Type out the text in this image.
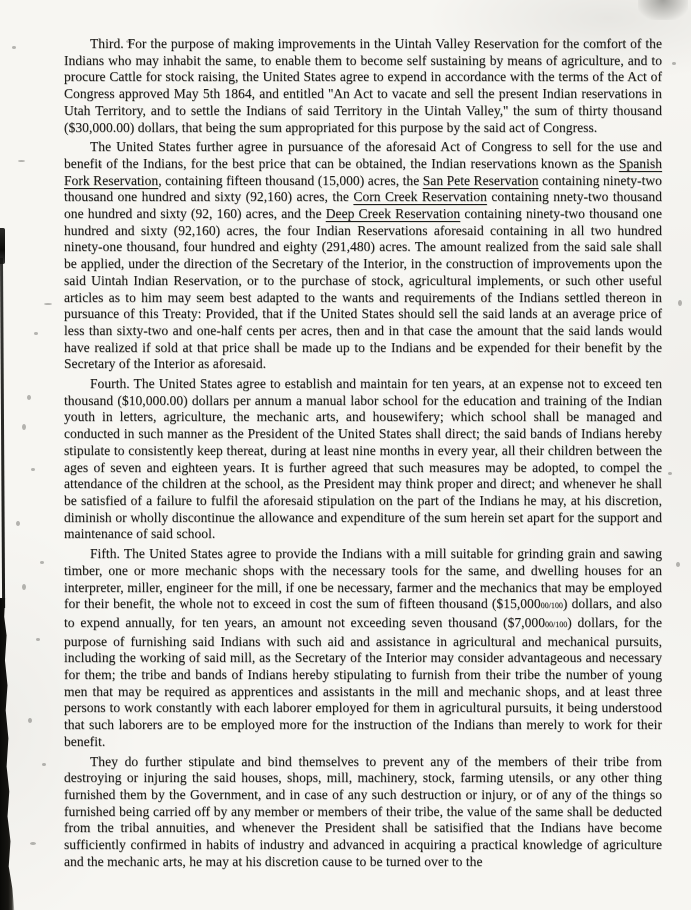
Third. For the purpose of making improvements in the Uintah Valley Reservation for the comfort of the Indians who may inhabit the same, to enable them to become self sustaining by means of agriculture, and to procure Cattle for stock raising, the United States agree to expend in accordance with the terms of the Act of Congress approved May 5th 1864, and entitled ''An Act to vacate and sell the present Indian reservations in Utah Territory, and to settle the Indians of said Territory in the Uintah Valley,'' the sum of thirty thousand ($30,000.00) dollars, that being the sum appropriated for this purpose by the said act of Congress.

The United States further agree in pursuance of the aforesaid Act of Congress to sell for the use and benefit of the Indians, for the best price that can be obtained, the Indian reservations known as the Spanish Fork Reservation, containing fifteen thousand (15,000) acres, the San Pete Reservation containing ninety-two thousand one hundred and sixty (92,160) acres, the Corn Creek Reservation containing nnety-two thousand one hundred and sixty (92, 160) acres, and the Deep Creek Reservation containing ninety-two thousand one hundred and sixty (92,160) acres, the four Indian Reservations aforesaid containing in all two hundred ninety-one thousand, four hundred and eighty (291,480) acres. The amount realized from the said sale shall be applied, under the direction of the Secretary of the Interior, in the construction of improvements upon the said Uintah Indian Reservation, or to the purchase of stock, agricultural implements, or such other useful articles as to him may seem best adapted to the wants and requirements of the Indians settled thereon in pursuance of this Treaty: Provided, that if the United States should sell the said lands at an average price of less than sixty-two and one-half cents per acres, then and in that case the amount that the said lands would have realized if sold at that price shall be made up to the Indians and be expended for their benefit by the Secretary of the Interior as aforesaid.

Fourth. The United States agree to establish and maintain for ten years, at an expense not to exceed ten thousand ($10,000.00) dollars per annum a manual labor school for the education and training of the Indian youth in letters, agriculture, the mechanic arts, and housewifery; which school shall be managed and conducted in such manner as the President of the United States shall direct; the said bands of Indians hereby stipulate to consistently keep thereat, during at least nine months in every year, all their children between the ages of seven and eighteen years. It is further agreed that such measures may be adopted, to compel the attendance of the children at the school, as the President may think proper and direct; and whenever he shall be satisfied of a failure to fulfil the aforesaid stipulation on the part of the Indians he may, at his discretion, diminish or wholly discontinue the allowance and expenditure of the sum herein set apart for the support and maintenance of said school.

Fifth. The United States agree to provide the Indians with a mill suitable for grinding grain and sawing timber, one or more mechanic shops with the necessary tools for the same, and dwelling houses for an interpreter, miller, engineer for the mill, if one be necessary, farmer and the mechanics that may be employed for their benefit, the whole not to exceed in cost the sum of fifteen thousand ($15,00000/100) dollars, and also to expend annually, for ten years, an amount not exceeding seven thousand ($7,00000/100) dollars, for the purpose of furnishing said Indians with such aid and assistance in agricultural and mechanical pursuits, including the working of said mill, as the Secretary of the Interior may consider advantageous and necessary for them; the tribe and bands of Indians hereby stipulating to furnish from their tribe the number of young men that may be required as apprentices and assistants in the mill and mechanic shops, and at least three persons to work constantly with each laborer employed for them in agricultural pursuits, it being understood that such laborers are to be employed more for the instruction of the Indians than merely to work for their benefit.

They do further stipulate and bind themselves to prevent any of the members of their tribe from destroying or injuring the said houses, shops, mill, machinery, stock, farming utensils, or any other thing furnished them by the Government, and in case of any such destruction or injury, or of any of the things so furnished being carried off by any member or members of their tribe, the value of the same shall be deducted from the tribal annuities, and whenever the President shall be satisified that the Indians have become sufficiently confirmed in habits of industry and advanced in acquiring a practical knowledge of agriculture and the mechanic arts, he may at his discretion cause to be turned over to the
